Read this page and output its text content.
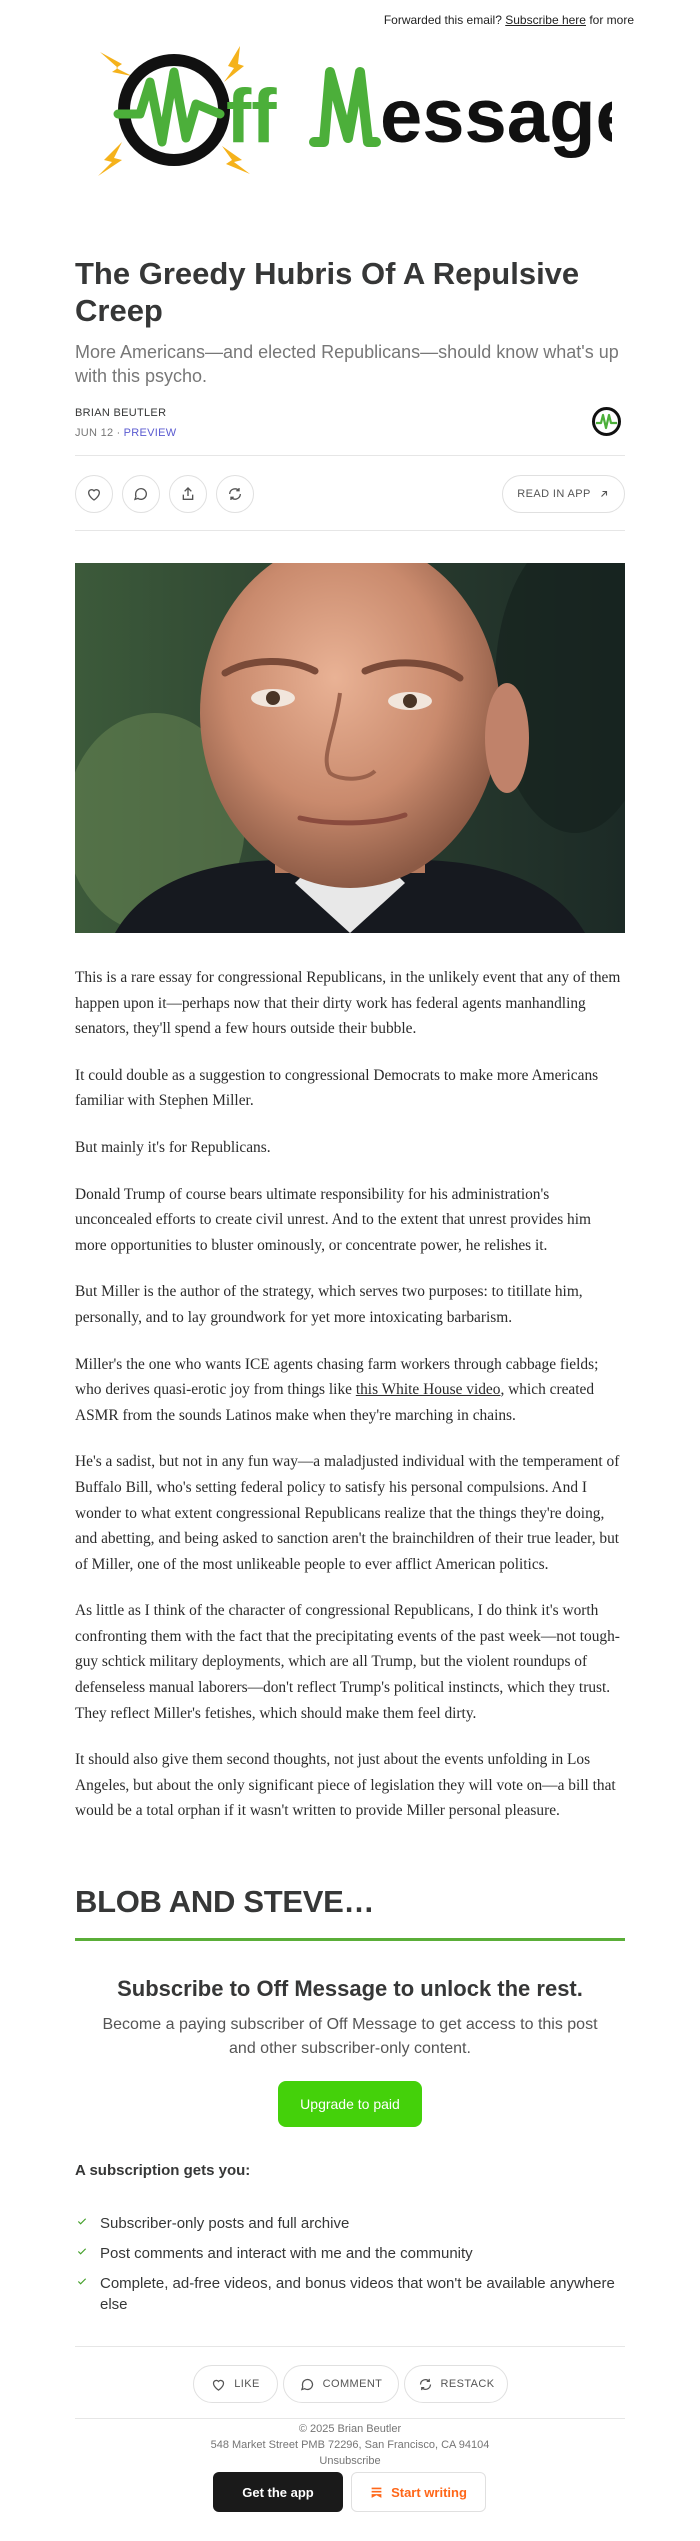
Forwarded this email? Subscribe here for more
ff essage
The Greedy Hubris Of A Repulsive Creep
More Americans—and elected Republicans—should know what's up with this psycho.
BRIAN BEUTLER
JUN 12 ∙ PREVIEW
READ IN APP

This is a rare essay for congressional Republicans, in the unlikely event that any of them happen upon it—perhaps now that their dirty work has federal agents manhandling senators, they'll spend a few hours outside their bubble.

It could double as a suggestion to congressional Democrats to make more Americans familiar with Stephen Miller.

But mainly it's for Republicans.

Donald Trump of course bears ultimate responsibility for his administration's unconcealed efforts to create civil unrest. And to the extent that unrest provides him more opportunities to bluster ominously, or concentrate power, he relishes it.

But Miller is the author of the strategy, which serves two purposes: to titillate him, personally, and to lay groundwork for yet more intoxicating barbarism.

Miller's the one who wants ICE agents chasing farm workers through cabbage fields; who derives quasi-erotic joy from things like this White House video, which created ASMR from the sounds Latinos make when they're marching in chains.

He's a sadist, but not in any fun way—a maladjusted individual with the temperament of Buffalo Bill, who's setting federal policy to satisfy his personal compulsions. And I wonder to what extent congressional Republicans realize that the things they're doing, and abetting, and being asked to sanction aren't the brainchildren of their true leader, but of Miller, one of the most unlikeable people to ever afflict American politics.

As little as I think of the character of congressional Republicans, I do think it's worth confronting them with the fact that the precipitating events of the past week—not tough-guy schtick military deployments, which are all Trump, but the violent roundups of defenseless manual laborers—don't reflect Trump's political instincts, which they trust. They reflect Miller's fetishes, which should make them feel dirty.

It should also give them second thoughts, not just about the events unfolding in Los Angeles, but about the only significant piece of legislation they will vote on—a bill that would be a total orphan if it wasn't written to provide Miller personal pleasure.

BLOB AND STEVE…
Subscribe to Off Message to unlock the rest.
Become a paying subscriber of Off Message to get access to this post and other subscriber-only content.
Upgrade to paid
A subscription gets you:
Subscriber-only posts and full archive
Post comments and interact with me and the community
Complete, ad-free videos, and bonus videos that won't be available anywhere else
LIKE	COMMENT	RESTACK
© 2025 Brian Beutler
548 Market Street PMB 72296, San Francisco, CA 94104
Unsubscribe
Get the app	Start writing
